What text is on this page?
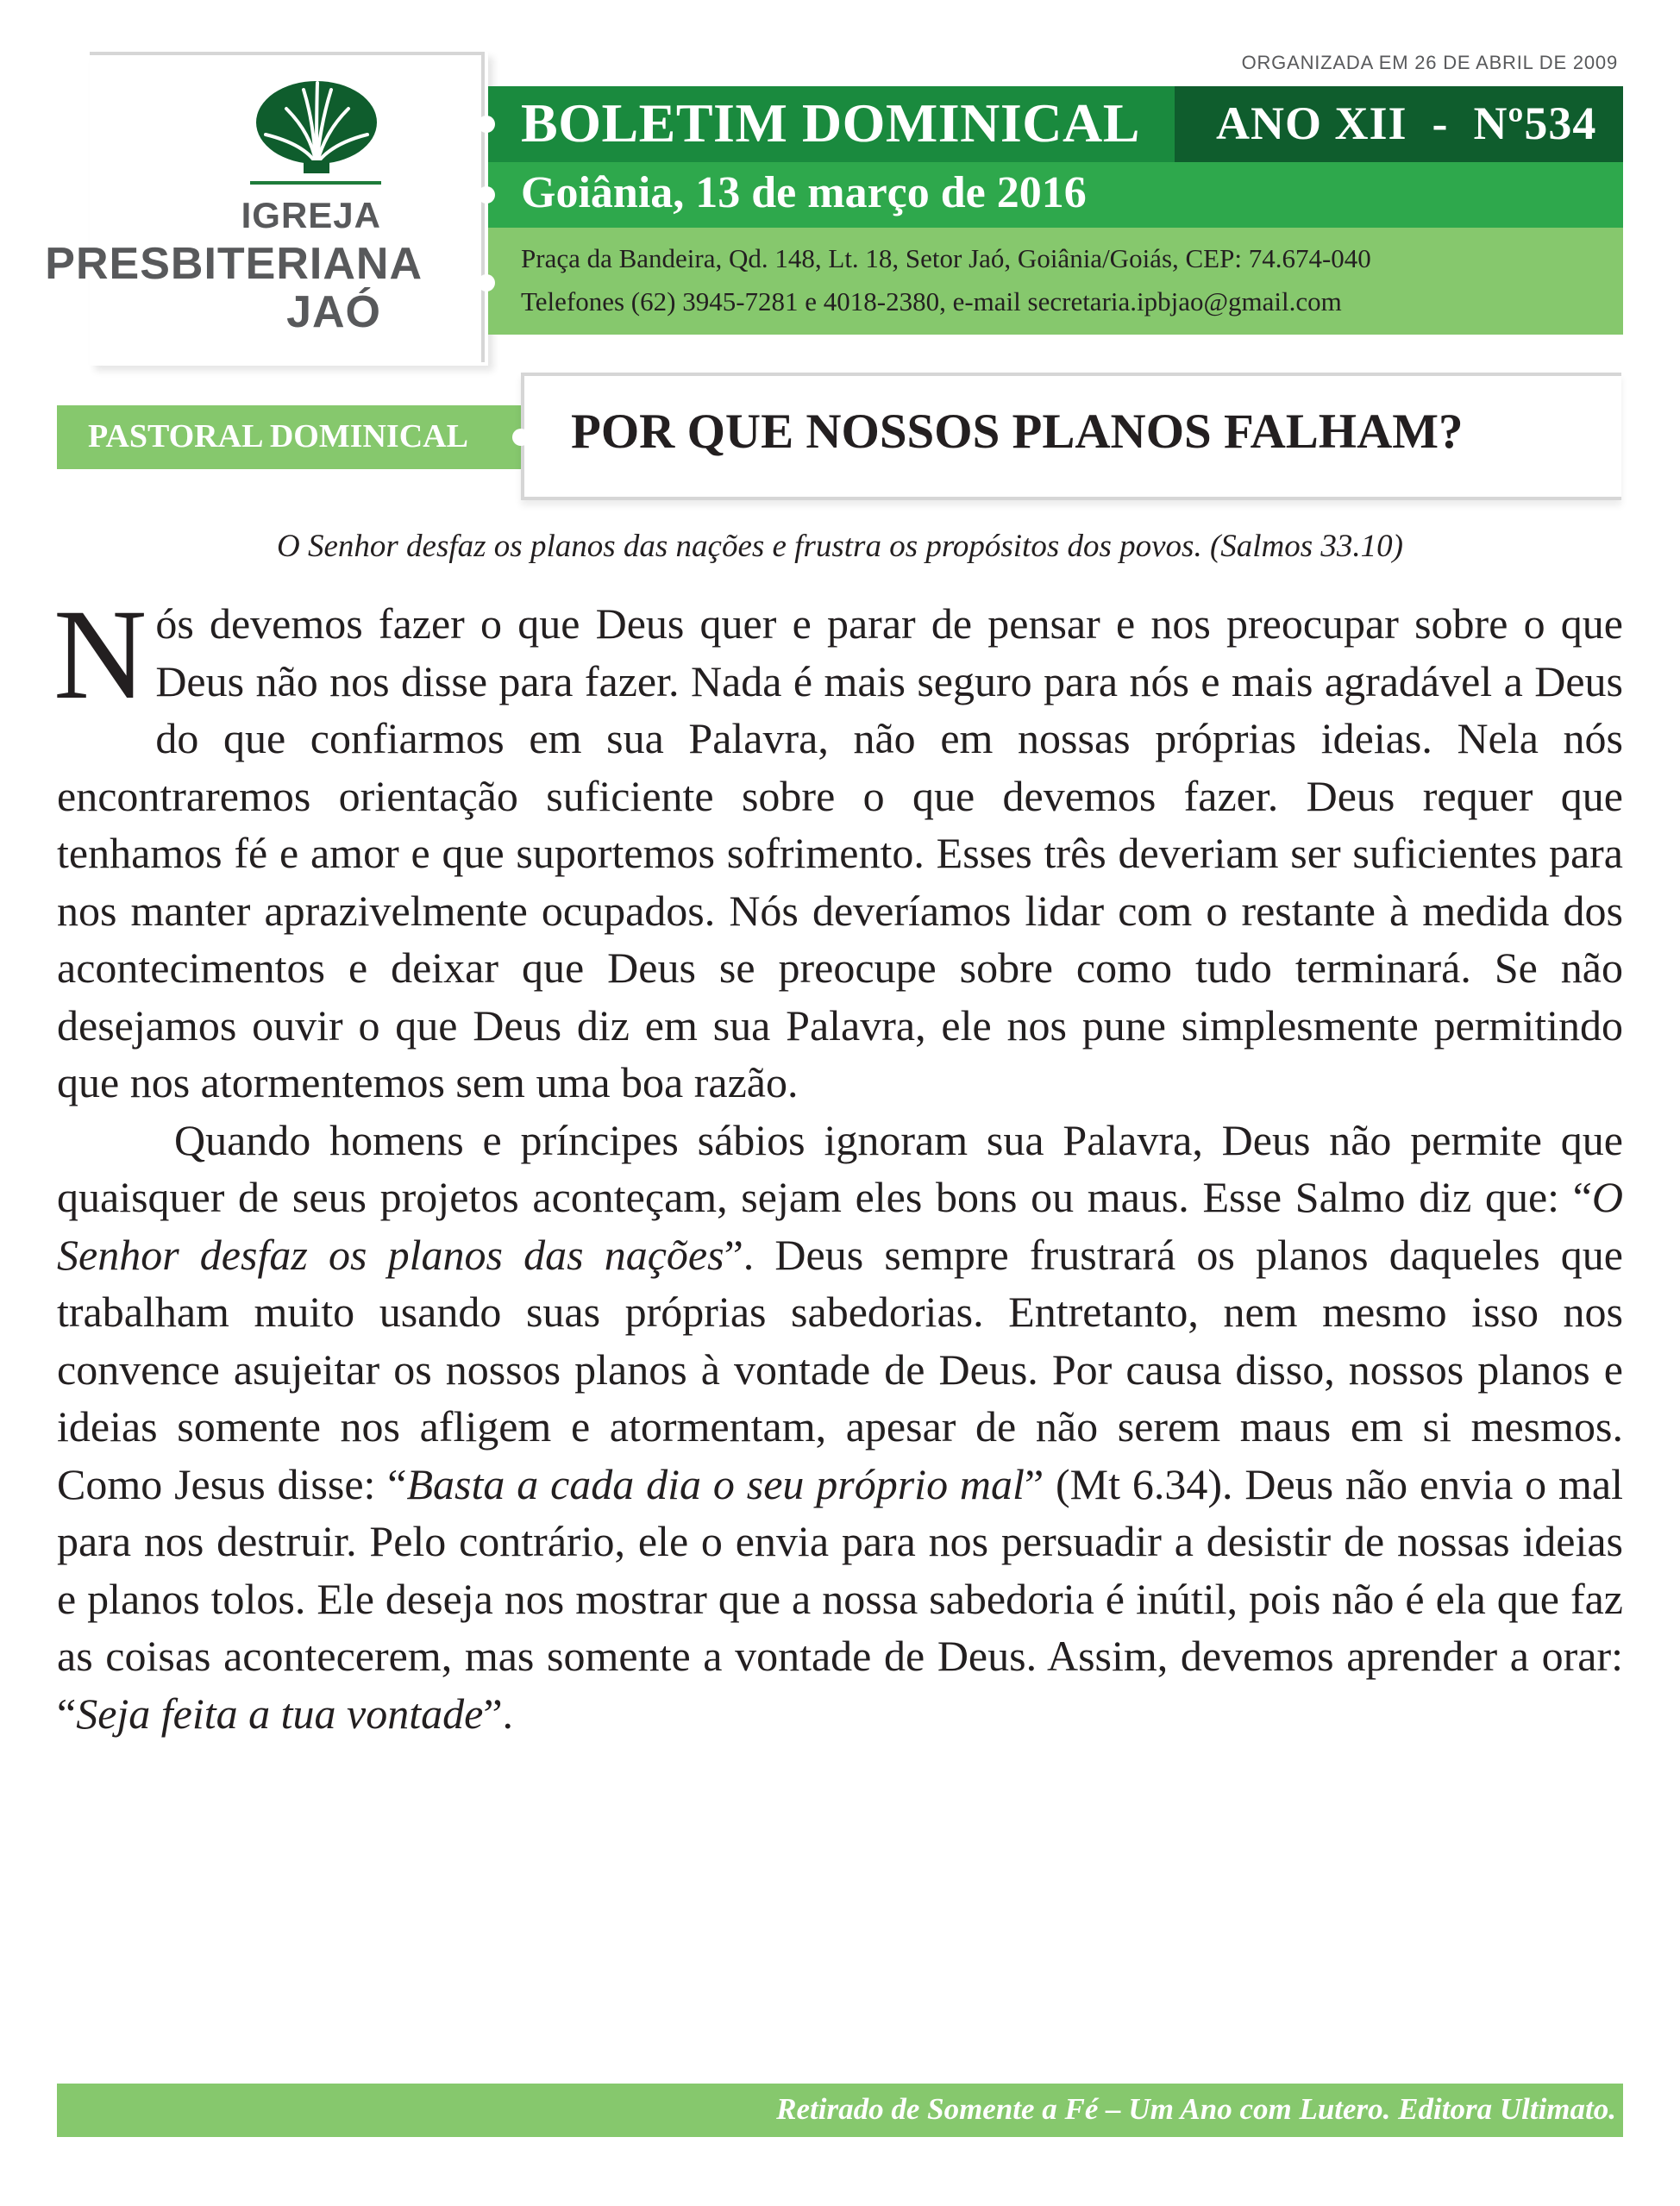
IGREJA
PRESBITERIANA
JAÓ
ORGANIZADA EM 26 DE ABRIL DE 2009
BOLETIM DOMINICAL ANO XII  -  Nº534
Goiânia, 13 de março de 2016
Praça da Bandeira, Qd. 148, Lt. 18, Setor Jaó, Goiânia/Goiás, CEP: 74.674-040
Telefones (62) 3945-7281 e 4018-2380, e-mail secretaria.ipbjao@gmail.com
PASTORAL DOMINICAL POR QUE NOSSOS PLANOS FALHAM?
O Senhor desfaz os planos das nações e frustra os propósitos dos povos. (Salmos 33.10)

Nós devemos fazer o que Deus quer e parar de pensar e nos preocupar sobre o que Deus não nos disse para fazer. Nada é mais seguro para nós e mais agradável a Deus do que confiarmos em sua Palavra, não em nossas próprias ideias. Nela nós encontraremos orientação suficiente sobre o que devemos fazer. Deus requer que tenhamos fé e amor e que suportemos sofrimento. Esses três deveriam ser suficientes para nos manter aprazivelmente ocupados. Nós deveríamos lidar com o restante à medida dos acontecimentos e deixar que Deus se preocupe sobre como tudo terminará. Se não desejamos ouvir o que Deus diz em sua Palavra, ele nos pune simplesmente permitindo que nos atormentemos sem uma boa razão.

Quando homens e príncipes sábios ignoram sua Palavra, Deus não permite que quaisquer de seus projetos aconteçam, sejam eles bons ou maus. Esse Salmo diz que: “O Senhor desfaz os planos das nações”. Deus sempre frustrará os planos daqueles que trabalham muito usando suas próprias sabedorias. Entretanto, nem mesmo isso nos convence asujeitar os nossos planos à vontade de Deus. Por causa disso, nossos planos e ideias somente nos afligem e atormentam, apesar de não serem maus em si mesmos. Como Jesus disse: “Basta a cada dia o seu próprio mal” (Mt 6.34). Deus não envia o mal para nos destruir. Pelo contrário, ele o envia para nos persuadir a desistir de nossas ideias e planos tolos. Ele deseja nos mostrar que a nossa sabedoria é inútil, pois não é ela que faz as coisas acontecerem, mas somente a vontade de Deus. Assim, devemos aprender a orar: “Seja feita a tua vontade”.

Retirado de Somente a Fé – Um Ano com Lutero. Editora Ultimato.
